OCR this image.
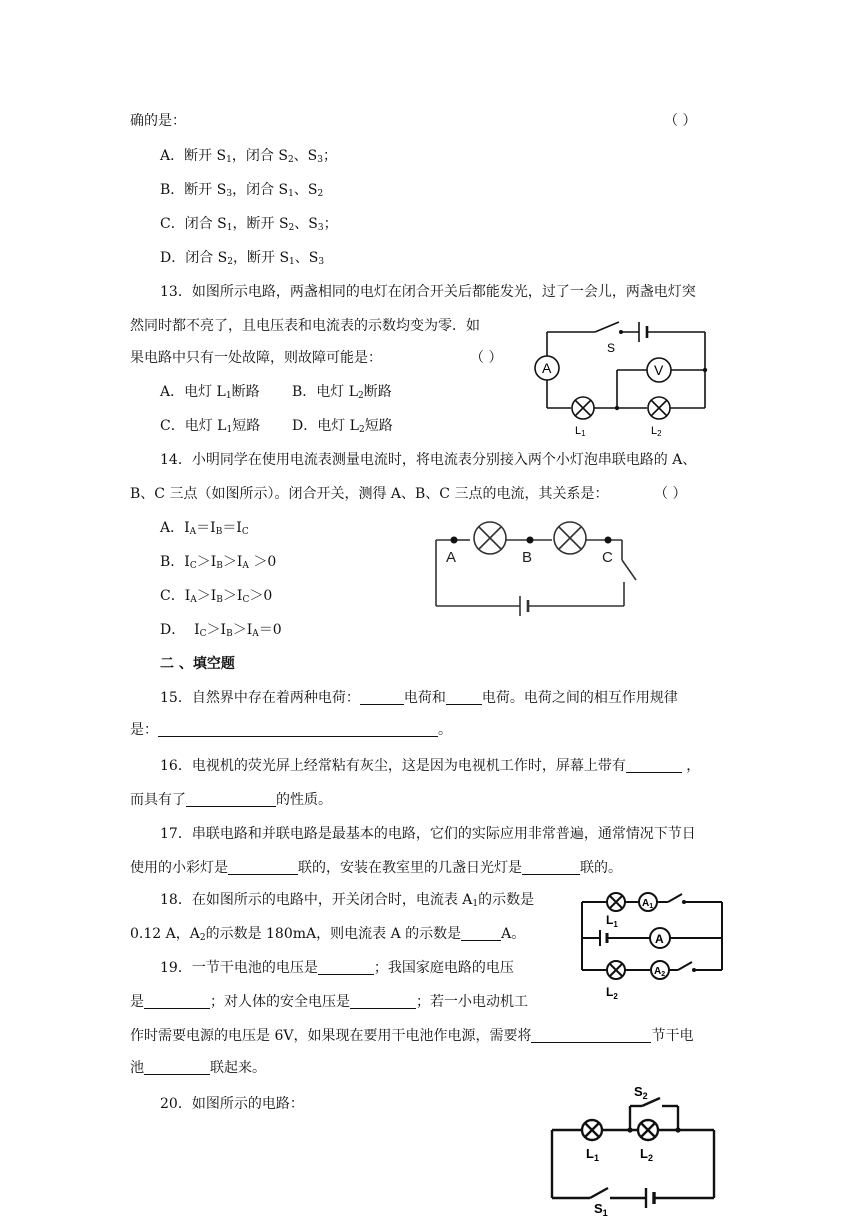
确的是：	（ ）
A．断开 $S_1$，闭合 $S_2$、$S_3$；
B．断开 $S_3$，闭合 $S_1$、$S_2$
C．闭合 $S_1$，断开 $S_2$、$S_3$；
D．闭合 $S_2$，断开 $S_1$、$S_3$
13．如图所示电路，两盏相同的电灯在闭合开关后都能发光，过了一会儿，两盏电灯突
然同时都不亮了，且电压表和电流表的示数均变为零．如
果电路中只有一处故障，则故障可能是：	（ ）
A．电灯 $L_1$断路 B．电灯 $L_2$断路
C．电灯 $L_1$短路 D．电灯 $L_2$短路
A	V
S
L1	L2
14．小明同学在使用电流表测量电流时，将电流表分别接入两个小灯泡串联电路的 A、
B、C 三点（如图所示）。闭合开关，测得 A、B、C 三点的电流，其关系是：	（ ）
A．$I_A=I_B=I_C$
B．$I_C>I_B>I_A >0$
C．$I_A>I_B>I_C>0$
D．  $I_C>I_B>I_A=0$
A	B	C
二 、填空题
15．自然界中存在着两种电荷：	电荷和	电荷。电荷之间的相互作用规律
是：	。
16．电视机的荧光屏上经常粘有灰尘，这是因为电视机工作时，屏幕上带有	，
而具有了	的性质。
17．串联电路和并联电路是最基本的电路，它们的实际应用非常普遍，通常情况下节日
使用的小彩灯是	联的，安装在教室里的几盏日光灯是	联的。
18．在如图所示的电路中，开关闭合时，电流表 $A_1$的示数是
0.12 A，$A_2$的示数是 180mA，则电流表 A 的示数是	A。
$A_1$
A
$A_2$
$L_1$
$L_2$
19．一节干电池的电压是	；我国家庭电路的电压
是	；对人体的安全电压是	；若一小电动机工
作时需要电源的电压是 6V，如果现在要用干电池作电源，需要将	节干电
池	联起来。
20．如图所示的电路：
$S_2$
$L_1$	$L_2$
$S_1$
